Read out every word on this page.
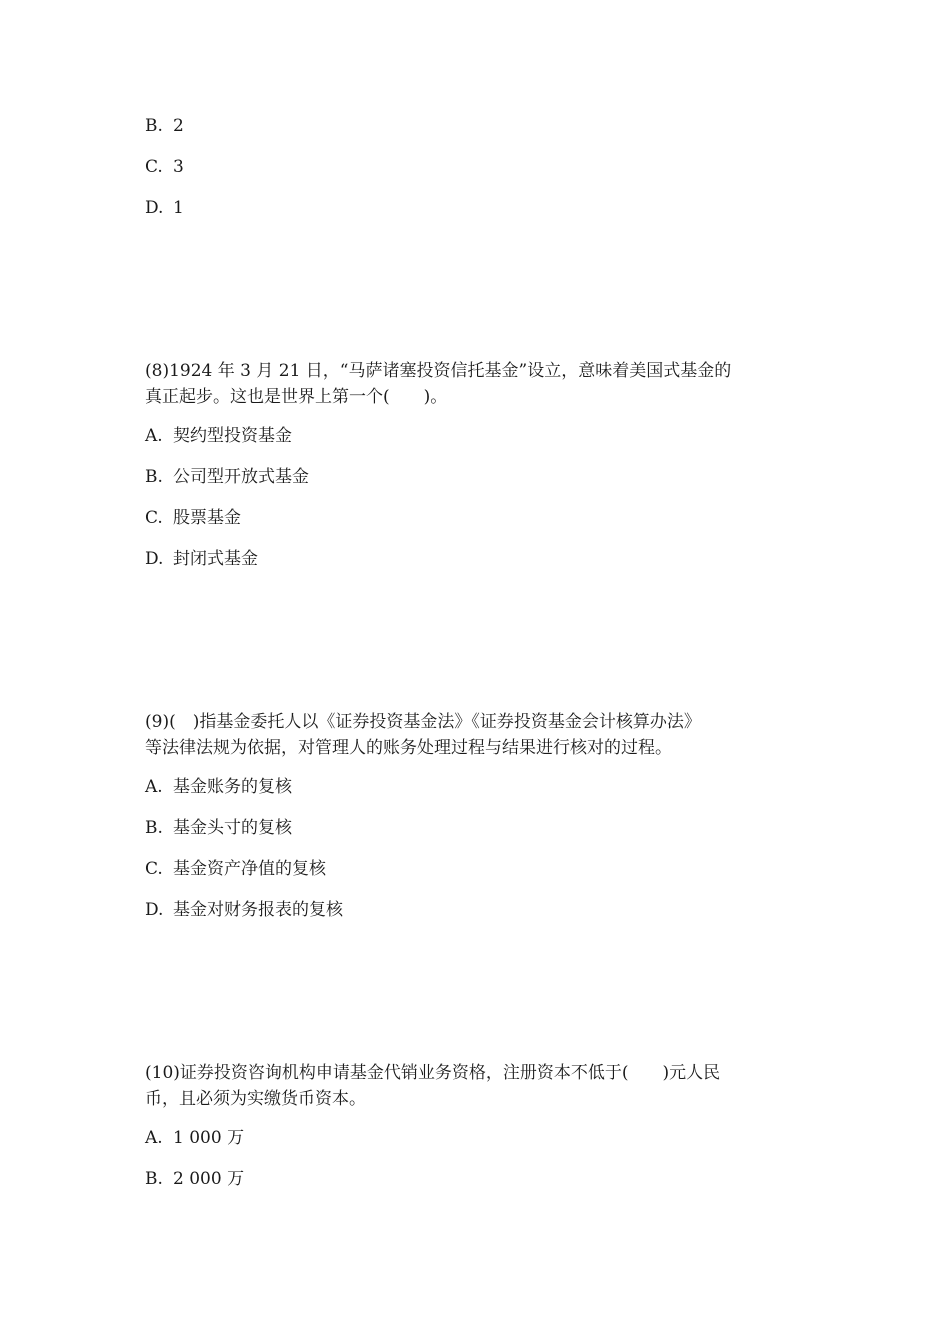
B. 2
C. 3
D. 1
(8)1924 年 3 月 21 日，“马萨诸塞投资信托基金”设立，意味着美国式基金的
真正起步。这也是世界上第一个(　　)。
A. 契约型投资基金
B. 公司型开放式基金
C. 股票基金
D. 封闭式基金
(9)(　)指基金委托人以《证券投资基金法》《证券投资基金会计核算办法》
等法律法规为依据，对管理人的账务处理过程与结果进行核对的过程。
A. 基金账务的复核
B. 基金头寸的复核
C. 基金资产净值的复核
D. 基金对财务报表的复核
(10)证券投资咨询机构申请基金代销业务资格，注册资本不低于(　　)元人民
币，且必须为实缴货币资本。
A. 1 000 万
B. 2 000 万
